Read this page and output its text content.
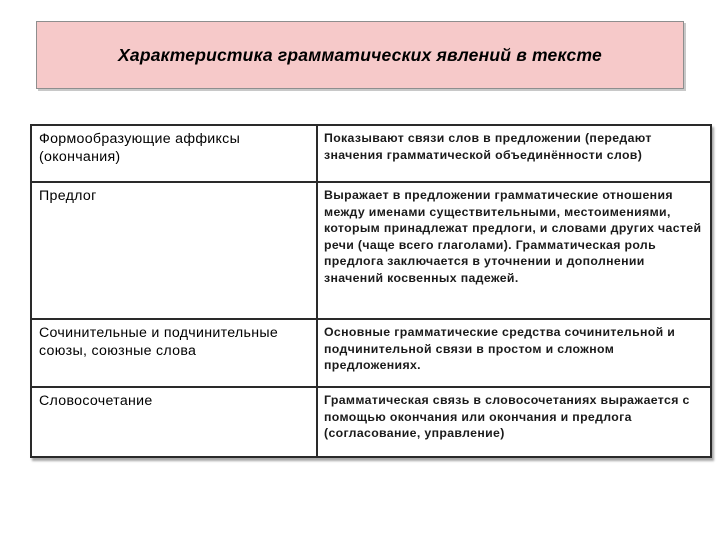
Характеристика грамматических явлений в тексте
Формообразующие аффиксы (окончания)	Показывают связи слов в предложении (передают значения грамматической объединённости слов)

Предлог	Выражает в предложении грамматические отношения между именами существительными, местоимениями, которым принадлежат предлоги, и словами других частей речи (чаще всего глаголами). Грамматическая роль предлога заключается в уточнении и дополнении значений косвенных падежей.

Сочинительные и подчинительные союзы, союзные слова	Основные грамматические средства сочинительной и подчинительной связи в простом и сложном предложениях.

Словосочетание	Грамматическая связь в словосочетаниях выражается с помощью окончания или окончания и предлога (согласование, управление)
